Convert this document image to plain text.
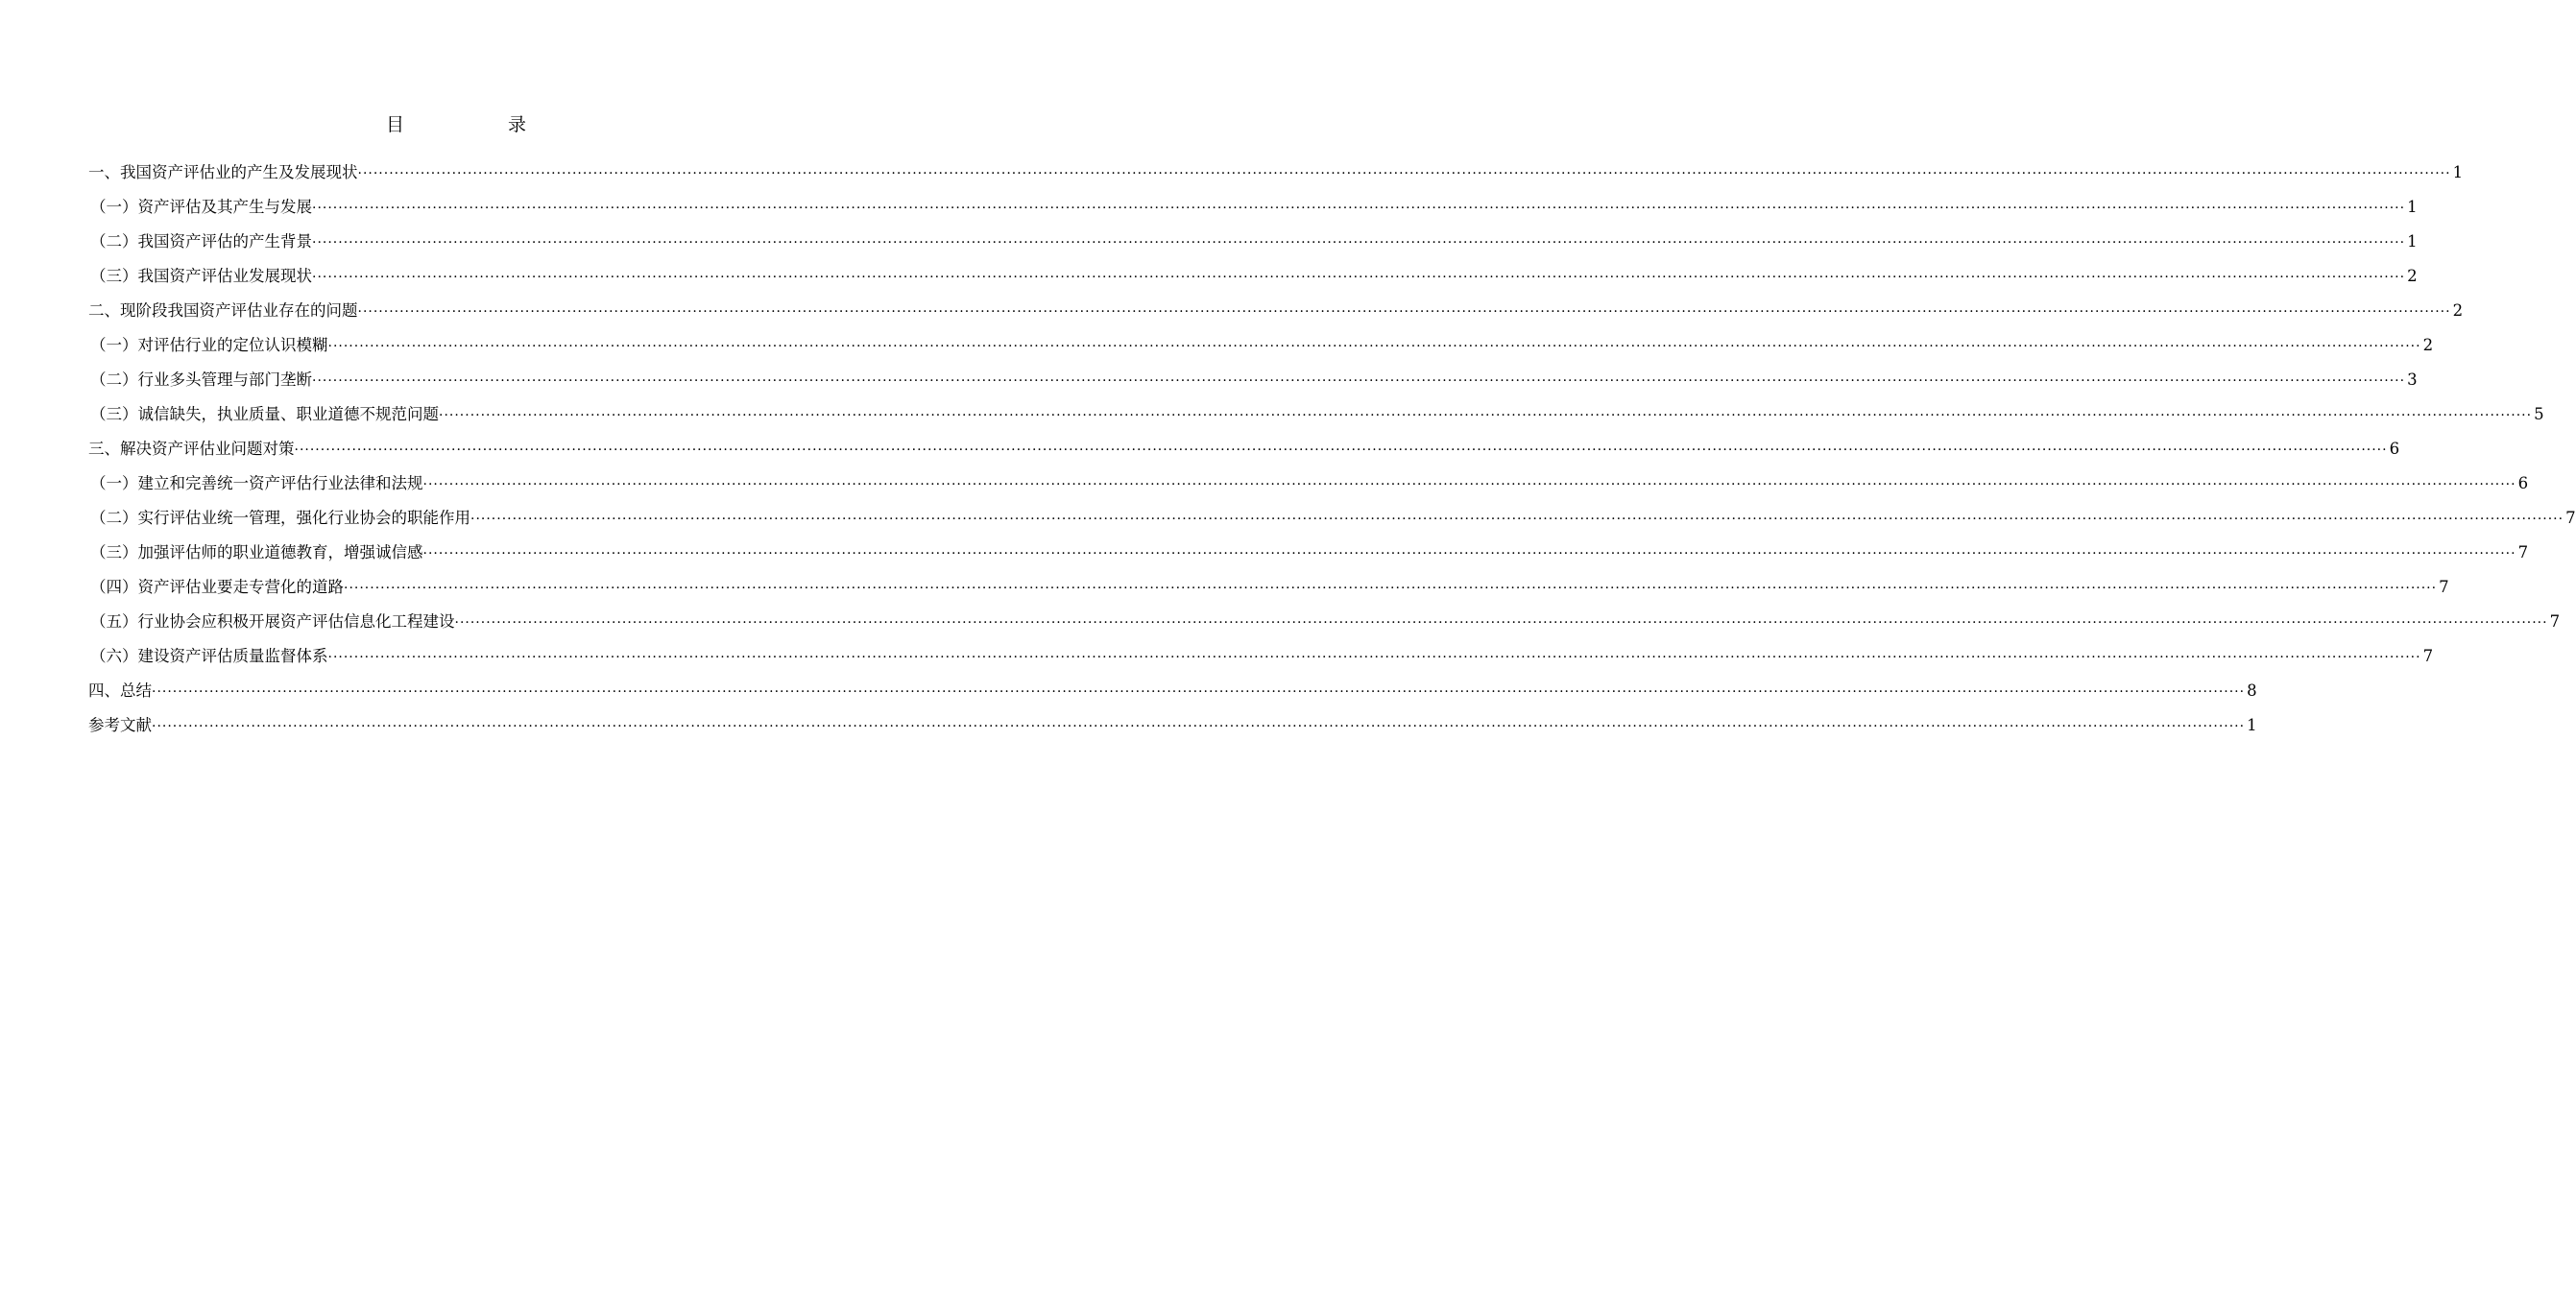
目	录
一、我国资产评估业的产生及发展现状 ················································································································································································································································································································································································································ 1
（一）资产评估及其产生与发展 ················································································································································································································································································································································································································ 1
（二）我国资产评估的产生背景 ················································································································································································································································································································································································································ 1
（三）我国资产评估业发展现状 ················································································································································································································································································································································································································ 2
二、现阶段我国资产评估业存在的问题 ················································································································································································································································································································································································································ 2
（一）对评估行业的定位认识模糊 ················································································································································································································································································································································································································ 2
（二）行业多头管理与部门垄断 ················································································································································································································································································································································································································ 3
（三）诚信缺失，执业质量、职业道德不规范问题 ················································································································································································································································································································································································································ 5
三、解决资产评估业问题对策 ················································································································································································································································································································································································································ 6
（一）建立和完善统一资产评估行业法律和法规 ················································································································································································································································································································································································································ 6
（二）实行评估业统一管理，强化行业协会的职能作用 ················································································································································································································································································································································································································ 7
（三）加强评估师的职业道德教育，增强诚信感 ················································································································································································································································································································································································································ 7
（四）资产评估业要走专营化的道路 ················································································································································································································································································································································································································ 7
（五）行业协会应积极开展资产评估信息化工程建设 ················································································································································································································································································································································································································ 7
（六）建设资产评估质量监督体系 ················································································································································································································································································································································································································ 7
四、总结 ················································································································································································································································································································································································································ 8
参考文献 ················································································································································································································································································································································································································ 1
